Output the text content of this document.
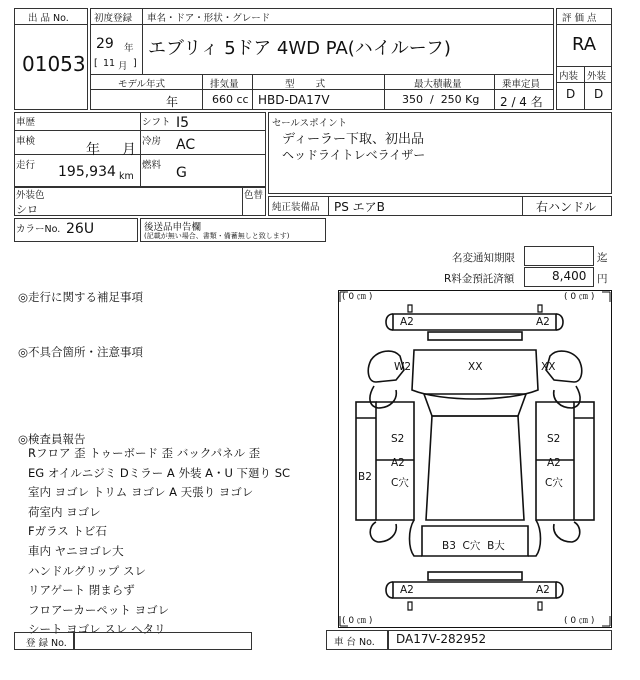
出 品 No.
01053
初度登録 車名・ドア・形状・グレード
29 年
[ 11 月 ]
エブリィ 5ドア 4WD PA(ハイルーフ)
モデル年式	排気量	型       式	最大積載量	乗車定員
年	660 cc HBD-DA17V	350  /  250 Kg 2 / 4 名
評 価 点
RA
内装 外装
D D
車歴	シフト I5
車検
年 月
冷房 AC
走行 195,934 km
燃料 G
セールスポイント
ディーラー下取、初出品
ヘッドライトレベライザー
外装色
シロ
色替
純正装備品 PS エアB	右ハンドル
カラーNo. 26U	後送品申告欄
(記載が無い場合、書類・備蓄無しと致します)
名変通知期限	迄
R料金預託済額	8,400 円
◎走行に関する補足事項
◎不具合箇所・注意事項
◎検査員報告
Rフロア 歪 トゥーボード 歪 バックパネル 歪
EG オイルニジミ Dミラー A 外装 A・U 下廻り SC
室内 ヨゴレ トリム ヨゴレ A 天張り ヨゴレ
荷室内 ヨゴレ
Fガラス トビ石
車内 ヤニヨゴレ大
ハンドルグリップ スレ
リアゲート 閉まらず
フロアーカーペット ヨゴレ
シート ヨゴレ スレ ヘタリ
( 0 ㎝ )	( 0 ㎝ )
( 0 ㎝ )	( 0 ㎝ )
A2	A2
W2	XX	XX
S2	S2
A2
C穴
A2
C穴
B2
B3  C穴  B大
A2	A2
登 録 No.	車 台 No. DA17V-282952
